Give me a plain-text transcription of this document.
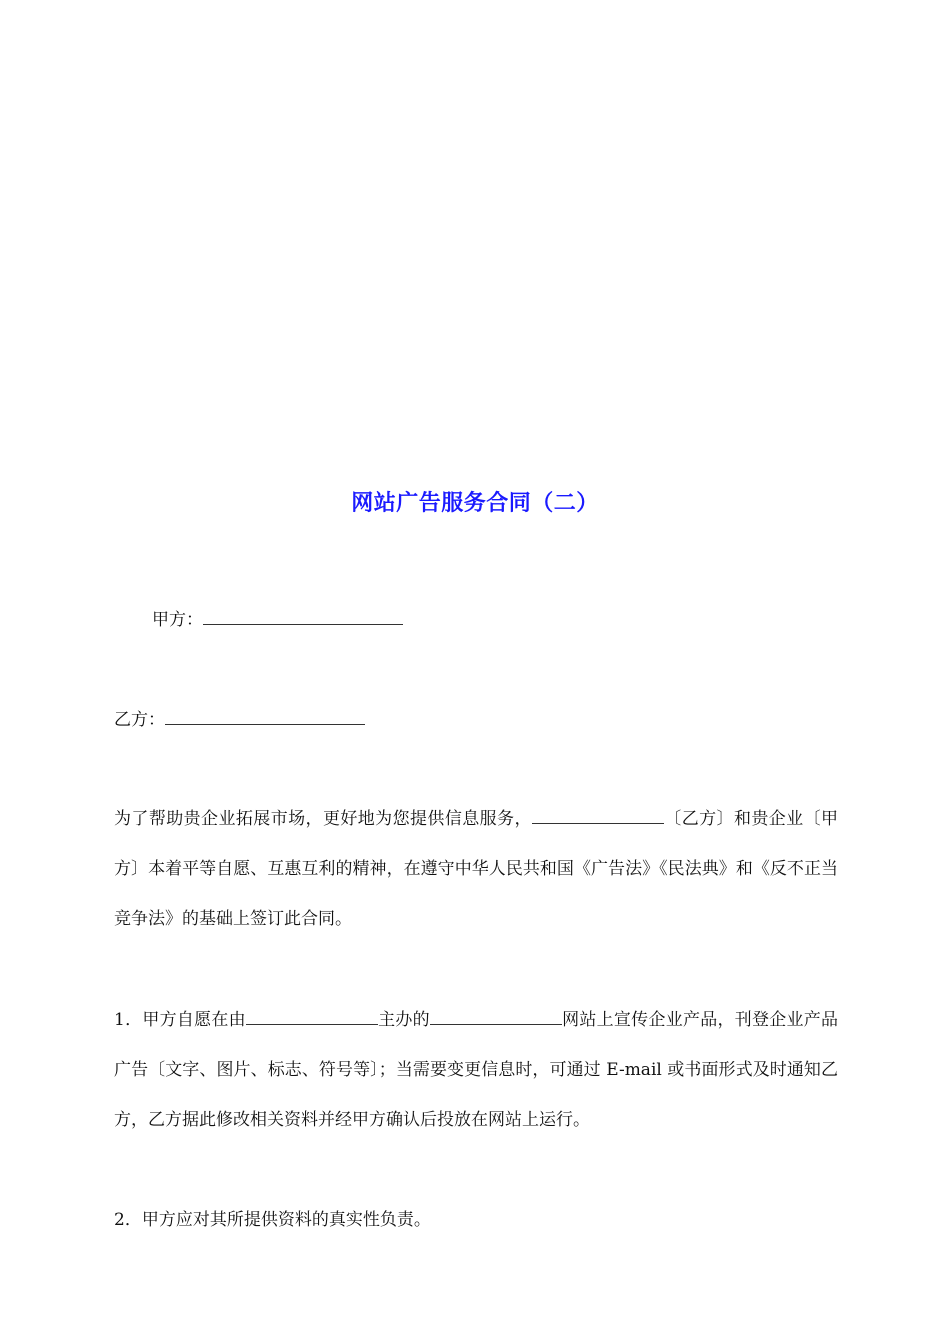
网站广告服务合同（二）
甲方：
乙方：
为了帮助贵企业拓展市场，更好地为您提供信息服务，	〔乙方〕和贵企业〔甲方〕本着平等自愿、互惠互利的精神，在遵守中华人民共和国《广告法》《民法典》和《反不正当竞争法》的基础上签订此合同。
1．甲方自愿在由	主办的	网站上宣传企业产品，刊登企业产品广告〔文字、图片、标志、符号等〕；当需要变更信息时，可通过 E-mail 或书面形式及时通知乙方，乙方据此修改相关资料并经甲方确认后投放在网站上运行。
2．甲方应对其所提供资料的真实性负责。
